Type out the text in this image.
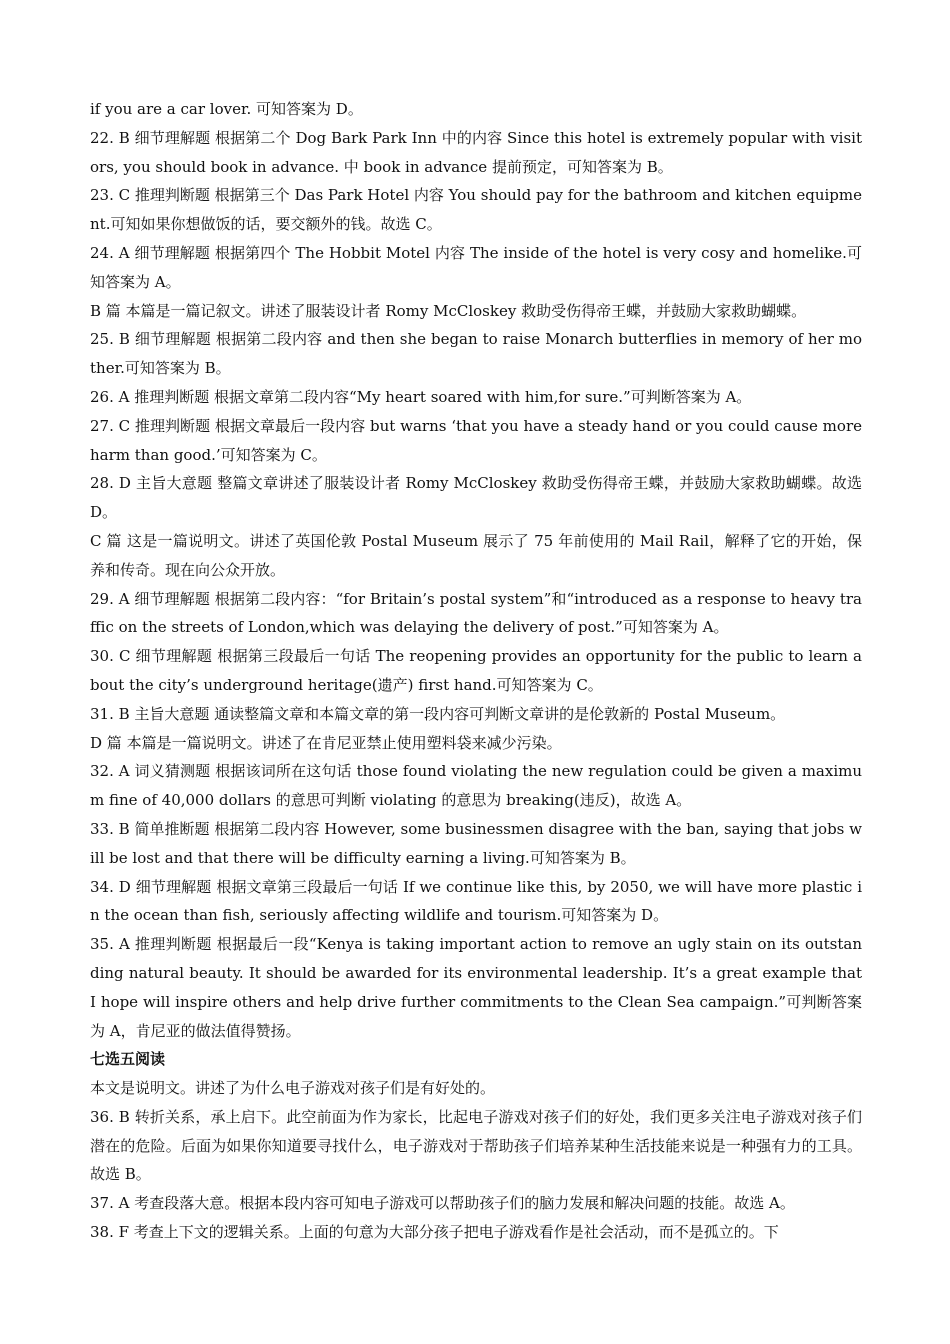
if you are a car lover. 可知答案为 D。

22. B 细节理解题 根据第二个 Dog Bark Park Inn 中的内容 Since this hotel is extremely popular with visitors, you should book in advance. 中 book in advance 提前预定，可知答案为 B。

23. C 推理判断题 根据第三个 Das Park Hotel 内容 You should pay for the bathroom and kitchen equipment.可知如果你想做饭的话，要交额外的钱。故选 C。

24. A 细节理解题 根据第四个 The Hobbit Motel 内容 The inside of the hotel is very cosy and homelike.可知答案为 A。

B 篇 本篇是一篇记叙文。讲述了服装设计者 Romy McCloskey 救助受伤得帝王蝶，并鼓励大家救助蝴蝶。

25. B 细节理解题 根据第二段内容 and then she began to raise Monarch butterflies in memory of her mother.可知答案为 B。

26. A 推理判断题 根据文章第二段内容“My heart soared with him,for sure.”可判断答案为 A。

27. C 推理判断题 根据文章最后一段内容 but warns ‘that you have a steady hand or you could cause more harm than good.’可知答案为 C。

28. D 主旨大意题 整篇文章讲述了服装设计者 Romy McCloskey 救助受伤得帝王蝶，并鼓励大家救助蝴蝶。故选 D。

C 篇 这是一篇说明文。讲述了英国伦敦 Postal Museum 展示了 75 年前使用的 Mail Rail，解释了它的开始，保养和传奇。现在向公众开放。

29. A 细节理解题 根据第二段内容：“for Britain’s postal system”和“introduced as a response to heavy traffic on the streets of London,which was delaying the delivery of post.”可知答案为 A。

30. C 细节理解题 根据第三段最后一句话 The reopening provides an opportunity for the public to learn about the city’s underground heritage(遗产) first hand.可知答案为 C。

31. B 主旨大意题 通读整篇文章和本篇文章的第一段内容可判断文章讲的是伦敦新的 Postal Museum。

D 篇 本篇是一篇说明文。讲述了在肯尼亚禁止使用塑料袋来减少污染。

32. A 词义猜测题 根据该词所在这句话 those found violating the new regulation could be given a maximum fine of 40,000 dollars 的意思可判断 violating 的意思为 breaking(违反)，故选 A。

33. B 简单推断题 根据第二段内容 However, some businessmen disagree with the ban, saying that jobs will be lost and that there will be difficulty earning a living.可知答案为 B。

34. D 细节理解题 根据文章第三段最后一句话 If we continue like this, by 2050, we will have more plastic in the ocean than fish, seriously affecting wildlife and tourism.可知答案为 D。

35. A 推理判断题 根据最后一段“Kenya is taking important action to remove an ugly stain on its outstanding natural beauty. It should be awarded for its environmental leadership. It’s a great example that I hope will inspire others and help drive further commitments to the Clean Sea campaign.”可判断答案为 A，肯尼亚的做法值得赞扬。

七选五阅读

本文是说明文。讲述了为什么电子游戏对孩子们是有好处的。

36. B 转折关系，承上启下。此空前面为作为家长，比起电子游戏对孩子们的好处，我们更多关注电子游戏对孩子们潜在的危险。后面为如果你知道要寻找什么，电子游戏对于帮助孩子们培养某种生活技能来说是一种强有力的工具。故选 B。

37. A 考查段落大意。根据本段内容可知电子游戏可以帮助孩子们的脑力发展和解决问题的技能。故选 A。

38. F 考查上下文的逻辑关系。上面的句意为大部分孩子把电子游戏看作是社会活动，而不是孤立的。下
